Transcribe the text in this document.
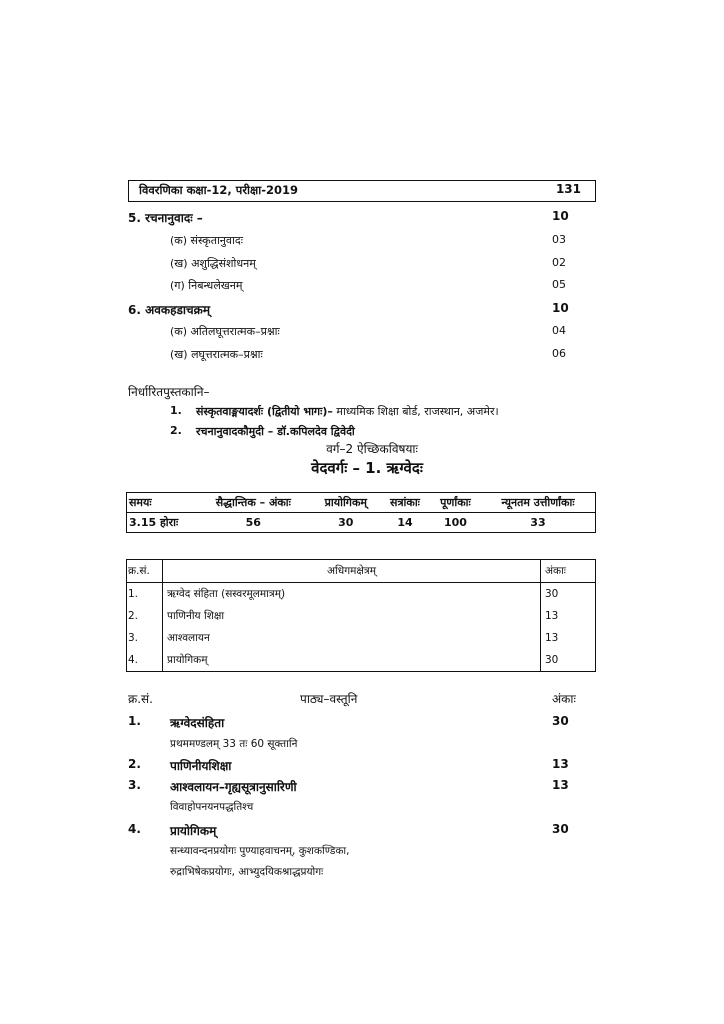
विवरणिका कक्षा-12, परीक्षा-2019	131
5. रचनानुवादः –	10
(क) संस्कृतानुवादः	03
(ख) अशुद्धिसंशोधनम्	02
(ग) निबन्धलेखनम्	05
6. अवकहडाचक्रम्	10
(क) अतिलघूत्तरात्मक–प्रश्नाः	04
(ख) लघूत्तरात्मक–प्रश्नाः	06
निर्धारितपुस्तकानि–
1. संस्कृतवाङ्मयादर्शः (द्वितीयो भागः)– माध्यमिक शिक्षा बोर्ड, राजस्थान, अजमेर।
2. रचनानुवादकौमुदी – डॉ.कपिलदेव द्विवेदी
वर्ग–2 ऐच्छिकविषयाः
वेदवर्गः – 1. ऋग्वेदः
समयः	सैद्धान्तिक – अंकाः	प्रायोगिकम्	सत्रांकाः	पूर्णांकाः	न्यूनतम उत्तीर्णांकाः
3.15 होराः	56	30	14	100	33
क्र.सं.	अधिगमक्षेत्रम्	अंकाः
1.	ऋग्वेद संहिता (सस्वरमूलमात्रम्)	30
2.	पाणिनीय शिक्षा	13
3.	आश्वलायन	13
4.	प्रायोगिकम्	30
क्र.सं.	पाठ्य–वस्तूनि	अंकाः
1. ऋग्वेदसंहिता	30
प्रथममण्डलम् 33 तः 60 सूक्तानि
2. पाणिनीयशिक्षा	13
3. आश्वलायन–गृह्यसूत्रानुसारिणी	13
विवाहोपनयनपद्धतिश्च
4. प्रायोगिकम्	30
सन्ध्यावन्दनप्रयोगः पुण्याहवाचनम्, कुशकण्डिका,
रुद्राभिषेकप्रयोगः, आभ्युदयिकश्राद्धप्रयोगः
